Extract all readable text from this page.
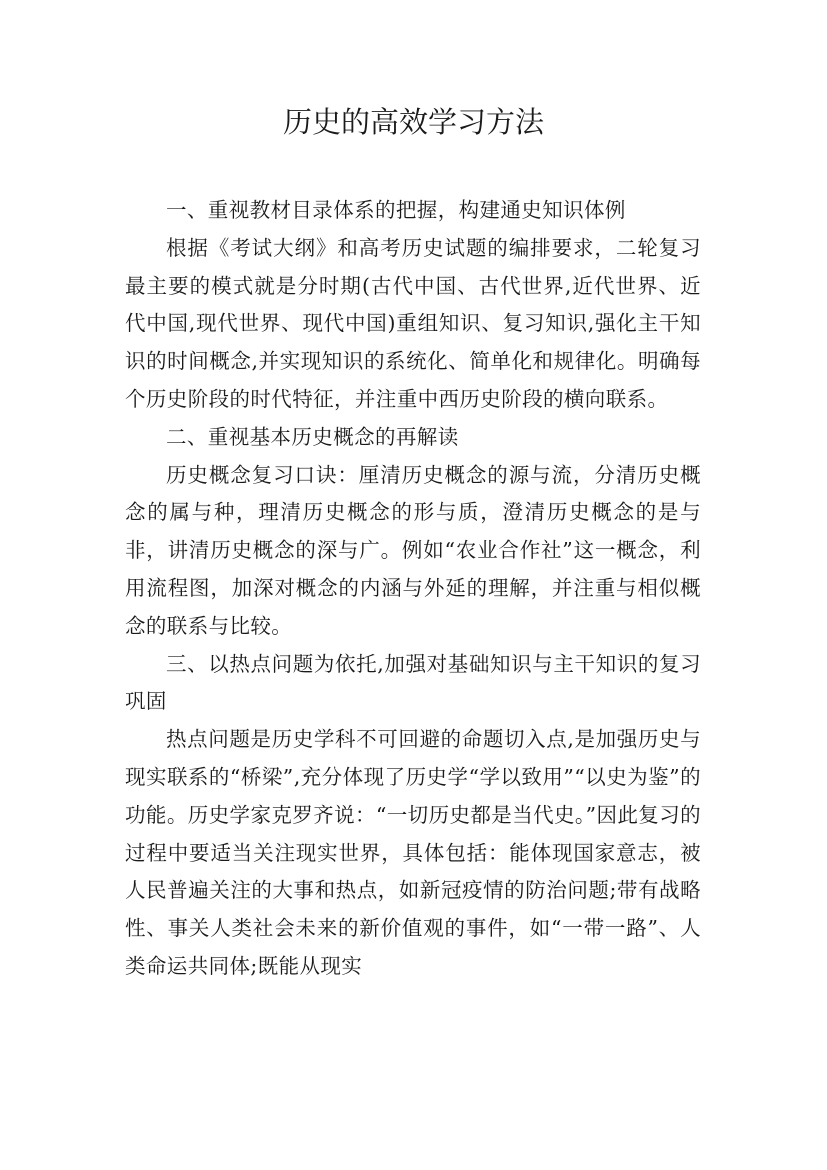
历史的高效学习方法

一、重视教材目录体系的把握，构建通史知识体例

根据《考试大纲》和高考历史试题的编排要求，二轮复习最主要的模式就是分时期(古代中国、古代世界,近代世界、近代中国,现代世界、现代中国)重组知识、复习知识,强化主干知识的时间概念,并实现知识的系统化、简单化和规律化。明确每个历史阶段的时代特征，并注重中西历史阶段的横向联系。

二、重视基本历史概念的再解读

历史概念复习口诀：厘清历史概念的源与流，分清历史概念的属与种，理清历史概念的形与质，澄清历史概念的是与非，讲清历史概念的深与广。例如“农业合作社”这一概念，利用流程图，加深对概念的内涵与外延的理解，并注重与相似概念的联系与比较。

三、以热点问题为依托,加强对基础知识与主干知识的复习巩固

热点问题是历史学科不可回避的命题切入点,是加强历史与现实联系的“桥梁”,充分体现了历史学“学以致用”“以史为鉴”的功能。历史学家克罗齐说：“一切历史都是当代史。”因此复习的过程中要适当关注现实世界，具体包括：能体现国家意志，被人民普遍关注的大事和热点，如新冠疫情的防治问题;带有战略性、事关人类社会未来的新价值观的事件，如“一带一路”、人类命运共同体;既能从现实
